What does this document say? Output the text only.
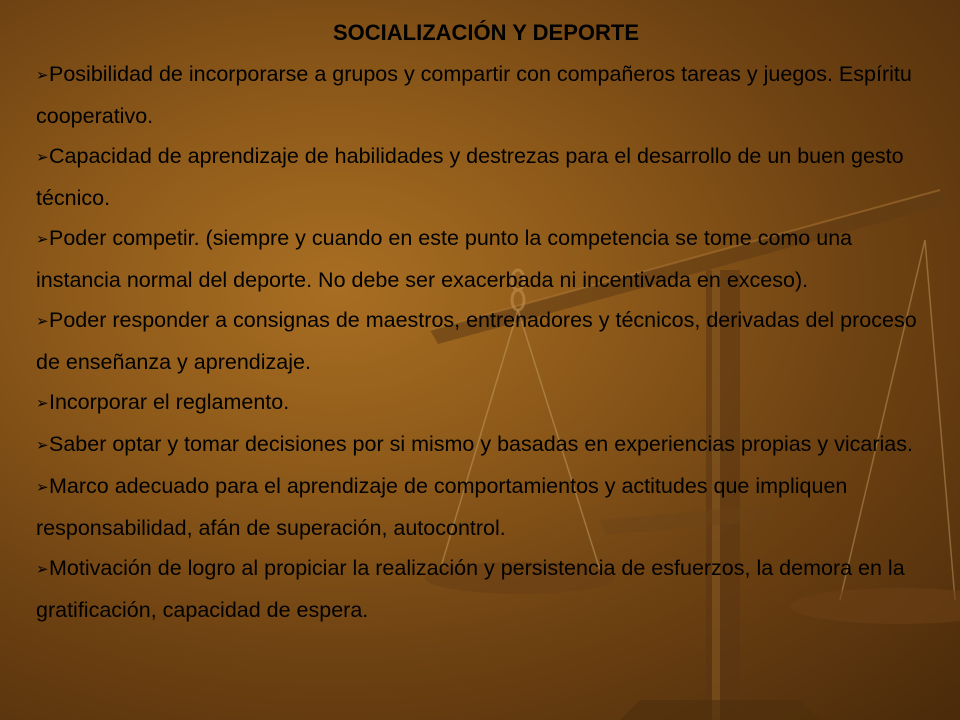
SOCIALIZACIÓN Y DEPORTE

➢Posibilidad de incorporarse a grupos y compartir con compañeros tareas y juegos. Espíritu cooperativo.

➢Capacidad de aprendizaje de habilidades y destrezas para el desarrollo de un buen gesto técnico.

➢Poder competir. (siempre y cuando en este punto la competencia se tome como una instancia normal del deporte. No debe ser exacerbada ni incentivada en exceso).

➢Poder responder a consignas de maestros, entrenadores y técnicos, derivadas del proceso de enseñanza y aprendizaje.

➢Incorporar el reglamento.

➢Saber optar y tomar decisiones por si mismo y basadas en experiencias propias y vicarias.

➢Marco adecuado para el aprendizaje de comportamientos y actitudes que impliquen responsabilidad, afán de superación, autocontrol.

➢Motivación de logro al propiciar la realización y persistencia de esfuerzos, la demora en la gratificación, capacidad de espera.
